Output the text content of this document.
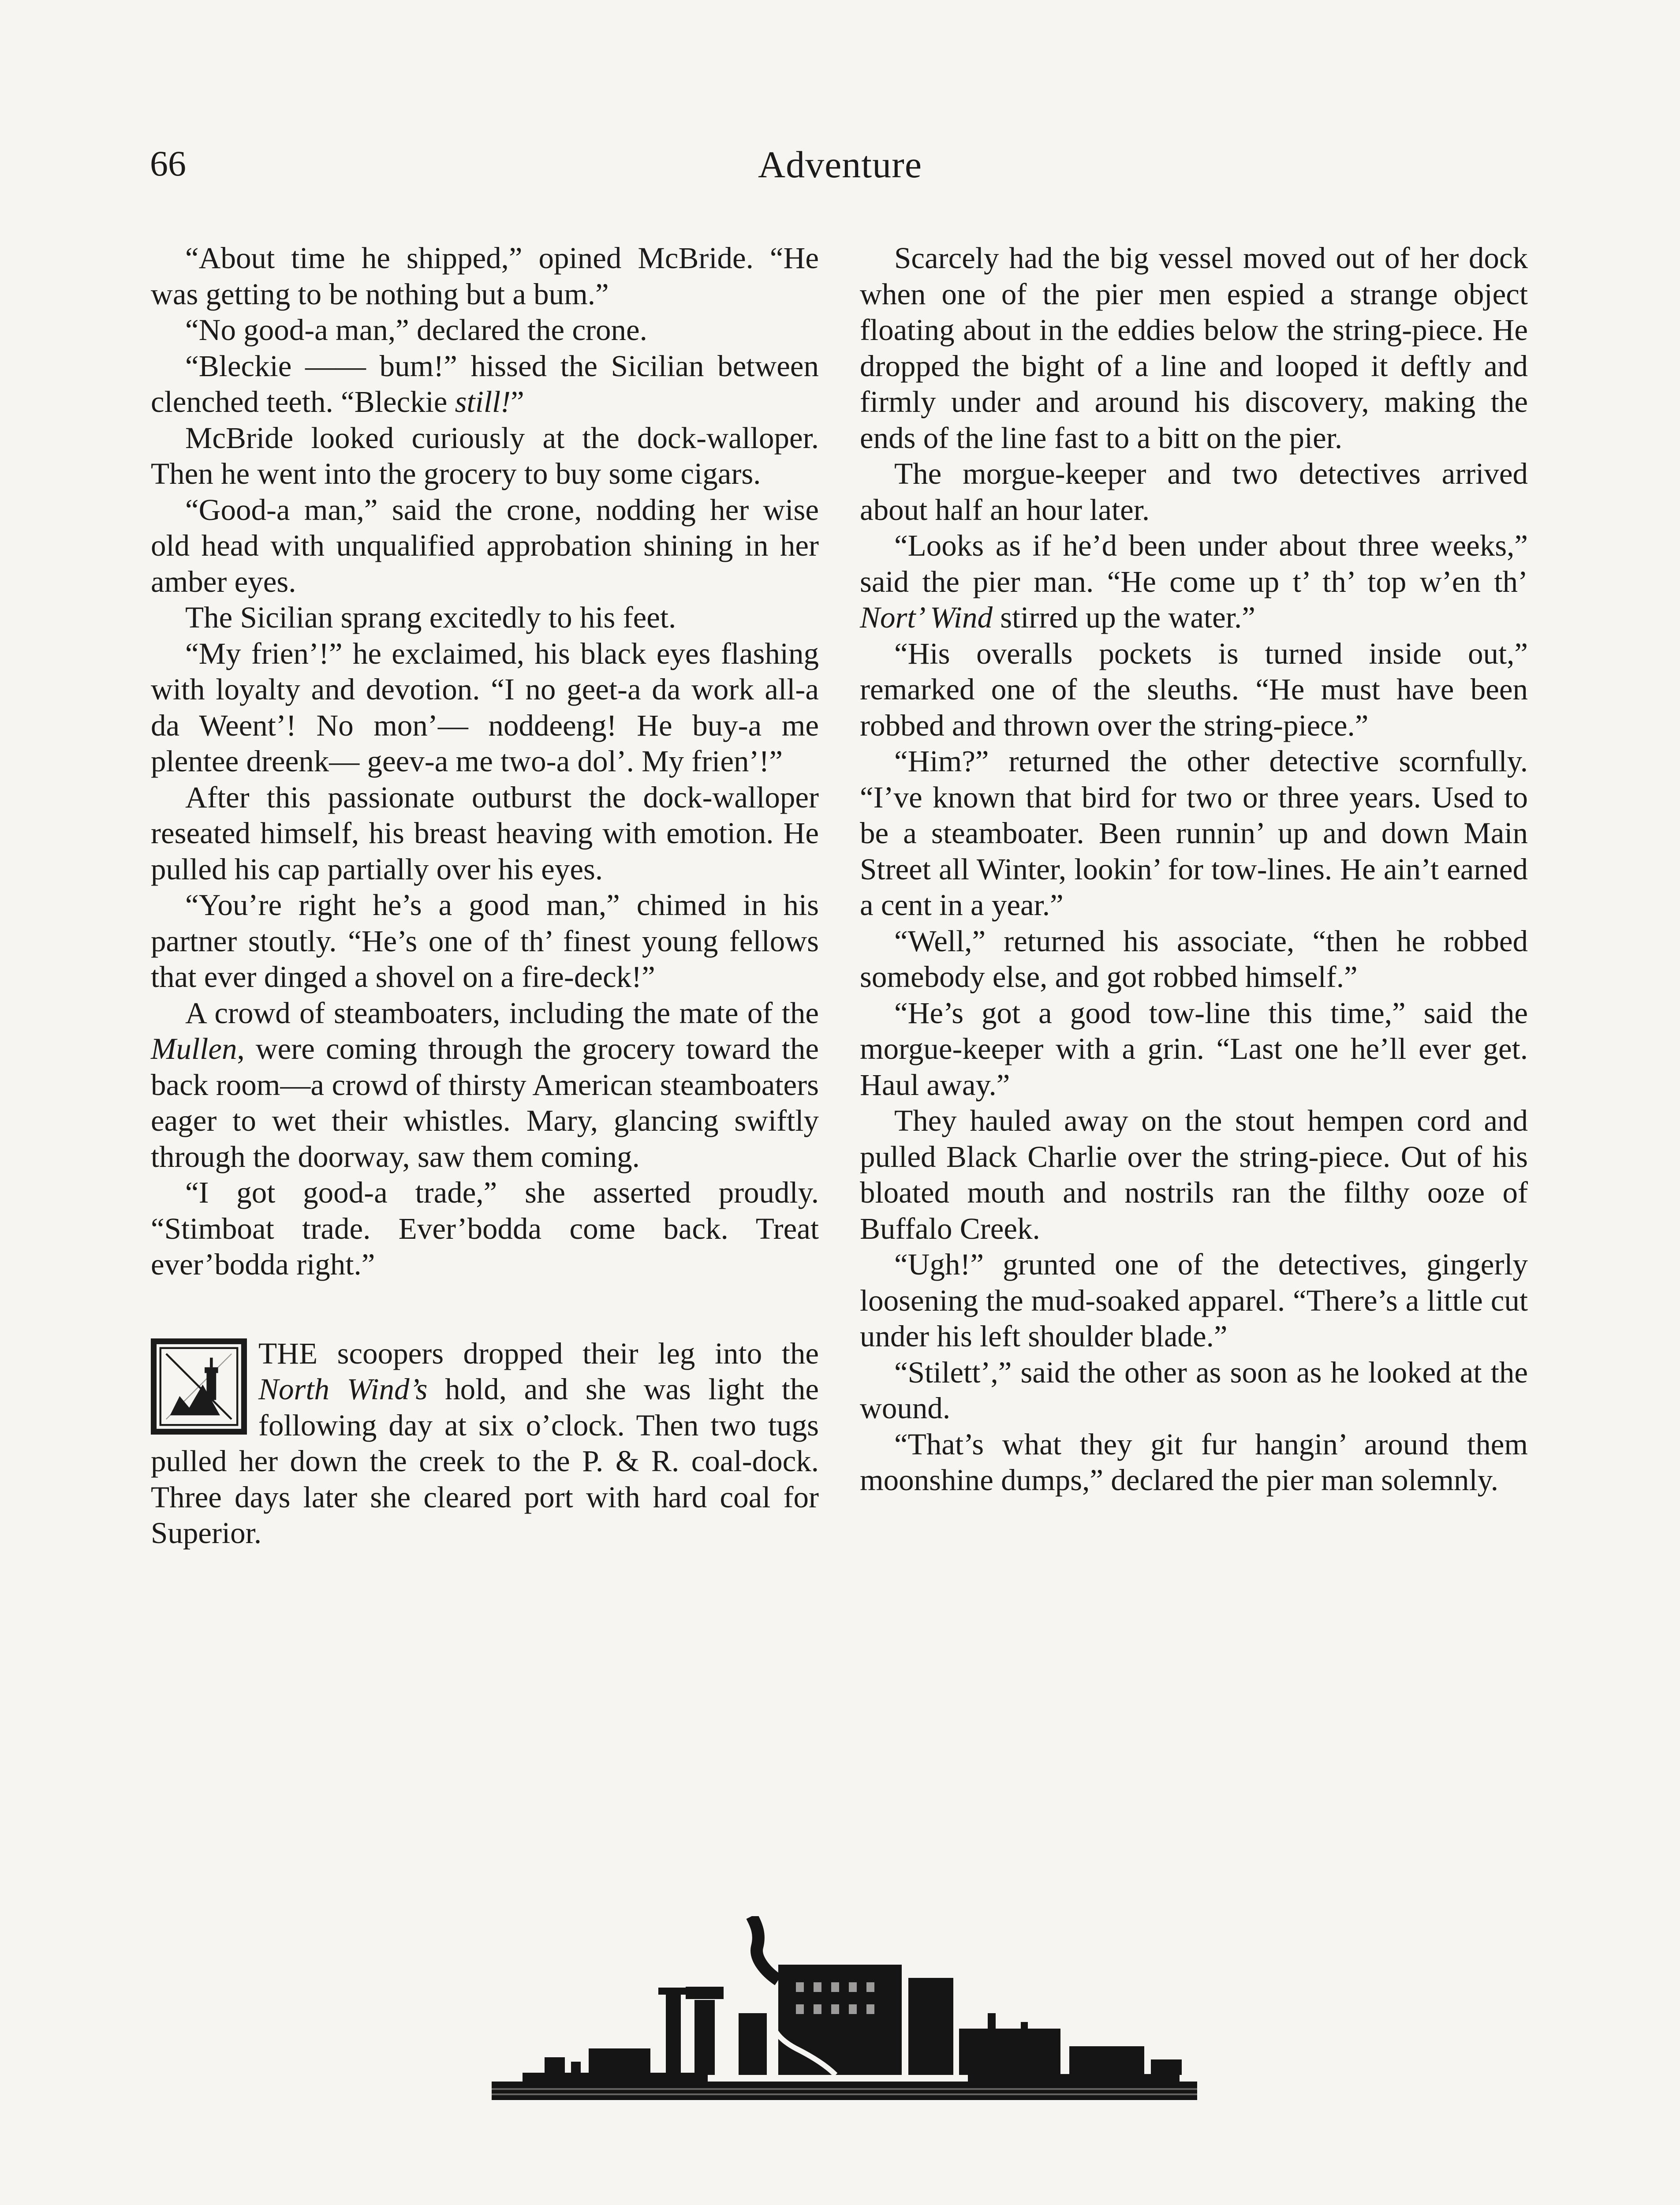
66	Adventure

“About time he shipped,” opined McBride. “He was getting to be nothing but a bum.”

“No good-a man,” declared the crone.

“Bleckie —— bum!” hissed the Sicilian between clenched teeth. “Bleckie still!”

McBride looked curiously at the dock-walloper. Then he went into the grocery to buy some cigars.

“Good-a man,” said the crone, nodding her wise old head with unqualified approbation shining in her amber eyes.

The Sicilian sprang excitedly to his feet.

“My frien’!” he exclaimed, his black eyes flashing with loyalty and devotion. “I no geet-a da work all-a da Weent’! No mon’— noddeeng! He buy-a me plentee dreenk— geev-a me two-a dol’. My frien’!”

After this passionate outburst the dock-walloper reseated himself, his breast heaving with emotion. He pulled his cap partially over his eyes.

“You’re right he’s a good man,” chimed in his partner stoutly. “He’s one of th’ finest young fellows that ever dinged a shovel on a fire-deck!”

A crowd of steamboaters, including the mate of the Mullen, were coming through the grocery toward the back room—a crowd of thirsty American steamboaters eager to wet their whistles. Mary, glancing swiftly through the doorway, saw them coming.

“I got good-a trade,” she asserted proudly. “Stimboat trade. Ever’bodda come back. Treat ever’bodda right.”

THE scoopers dropped their leg into the North Wind’s hold, and she was light the following day at six o’clock. Then two tugs pulled her down the creek to the P. & R. coal-dock. Three days later she cleared port with hard coal for Superior.

Scarcely had the big vessel moved out of her dock when one of the pier men espied a strange object floating about in the eddies below the string-piece. He dropped the bight of a line and looped it deftly and firmly under and around his discovery, making the ends of the line fast to a bitt on the pier.

The morgue-keeper and two detectives arrived about half an hour later.

“Looks as if he’d been under about three weeks,” said the pier man. “He come up t’ th’ top w’en th’ Nort’ Wind stirred up the water.”

“His overalls pockets is turned inside out,” remarked one of the sleuths. “He must have been robbed and thrown over the string-piece.”

“Him?” returned the other detective scornfully. “I’ve known that bird for two or three years. Used to be a steamboater. Been runnin’ up and down Main Street all Winter, lookin’ for tow-lines. He ain’t earned a cent in a year.”

“Well,” returned his associate, “then he robbed somebody else, and got robbed himself.”

“He’s got a good tow-line this time,” said the morgue-keeper with a grin. “Last one he’ll ever get. Haul away.”

They hauled away on the stout hempen cord and pulled Black Charlie over the string-piece. Out of his bloated mouth and nostrils ran the filthy ooze of Buffalo Creek.

“Ugh!” grunted one of the detectives, gingerly loosening the mud-soaked apparel. “There’s a little cut under his left shoulder blade.”

“Stilett’,” said the other as soon as he looked at the wound.

“That’s what they git fur hangin’ around them moonshine dumps,” declared the pier man solemnly.
